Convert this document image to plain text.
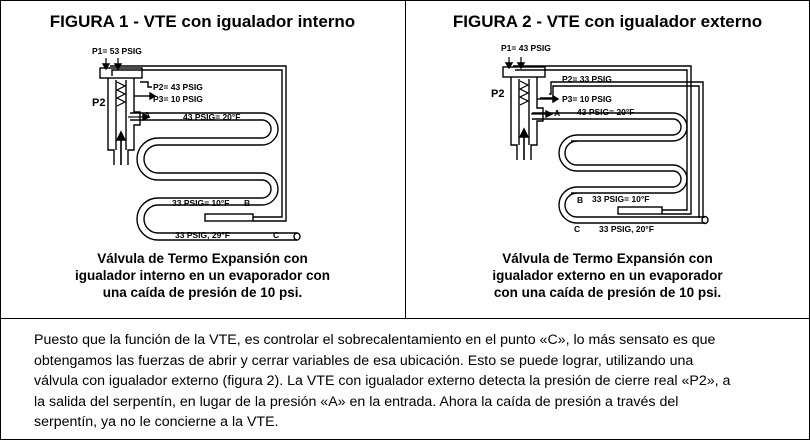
FIGURA 1 - VTE con igualador interno
P1= 53 PSIG
P2
P2= 43 PSIG
P3= 10 PSIG
A	43 PSIG= 20°F
33 PSIG= 10°F B
33 PSIG, 29°F	C
Válvula de Termo Expansión con
igualador interno en un evaporador con
una caída de presión de 10 psi.
FIGURA 2 - VTE con igualador externo
P1= 43 PSIG
P2
P2= 33 PSIG
P3= 10 PSIG
A 43 PSIG= 20°F
33 PSIG= 10°F
B
33 PSIG, 20°F
C
Válvula de Termo Expansión con
igualador externo en un evaporador
con una caída de presión de 10 psi.
Puesto que la función de la VTE, es controlar el sobrecalentamiento en el punto «C», lo más sensato es que
obtengamos las fuerzas de abrir y cerrar variables de esa ubicación. Esto se puede lograr, utilizando una
válvula con igualador externo (figura 2). La VTE con igualador externo detecta la presión de cierre real «P2», a
la salida del serpentín, en lugar de la presión «A» en la entrada. Ahora la caída de presión a través del
serpentín, ya no le concierne a la VTE.
